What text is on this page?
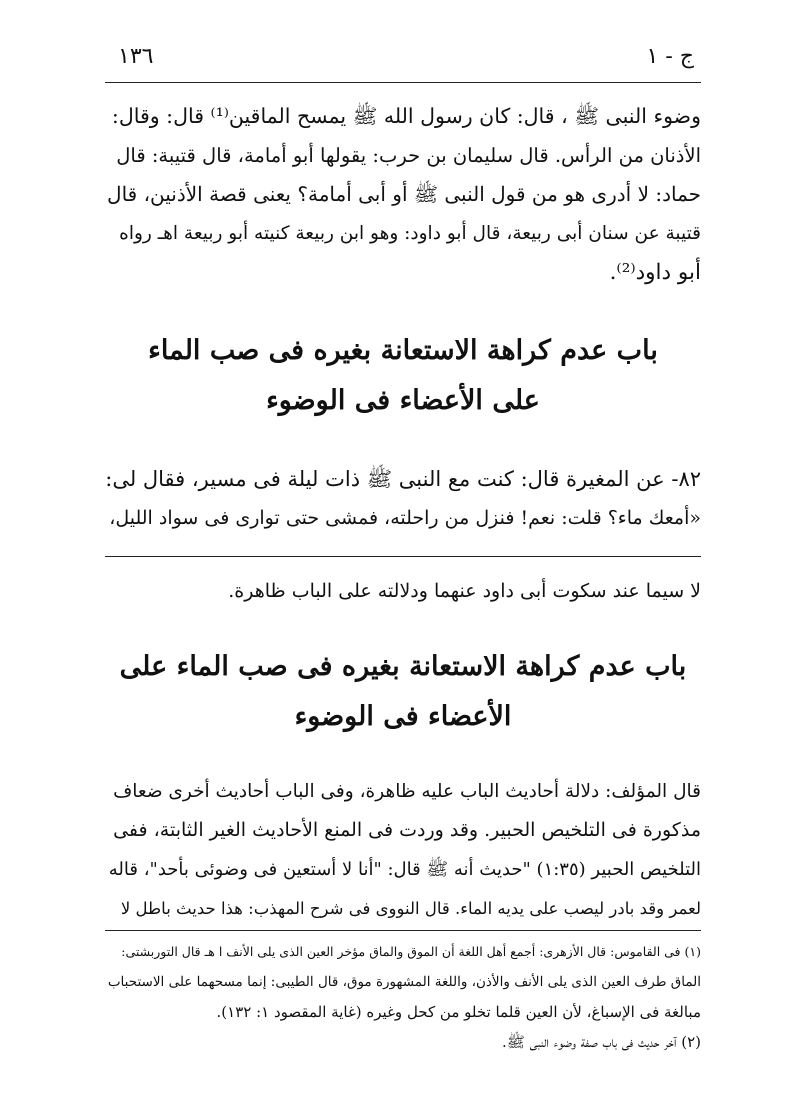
ج - ١
١٣٦

وضوء النبى ﷺ ، قال: كان رسول الله ﷺ يمسح الماقين⁽¹⁾ قال: وقال:
الأذنان من الرأس. قال سليمان بن حرب: يقولها أبو أمامة، قال قتيبة: قال
حماد: لا أدرى هو من قول النبى ﷺ أو أبى أمامة؟ يعنى قصة الأذنين، قال
قتيبة عن سنان أبى ربيعة، قال أبو داود: وهو ابن ربيعة كنيته أبو ربيعة اهـ رواه
أبو داود⁽²⁾.

باب عدم كراهة الاستعانة بغيره فى صب الماء
على الأعضاء فى الوضوء

٨٢- عن المغيرة قال: كنت مع النبى ﷺ ذات ليلة فى مسير، فقال لى:
«أمعك ماء؟ قلت: نعم! فنزل من راحلته، فمشى حتى توارى فى سواد الليل،

لا سيما عند سكوت أبى داود عنهما ودلالته على الباب ظاهرة.

باب عدم كراهة الاستعانة بغيره فى صب الماء على
الأعضاء فى الوضوء

قال المؤلف: دلالة أحاديث الباب عليه ظاهرة، وفى الباب أحاديث أخرى ضعاف
مذكورة فى التلخيص الحبير. وقد وردت فى المنع الأحاديث الغير الثابتة، ففى
التلخيص الحبير (١:٣٥) "حديث أنه ﷺ قال: "أنا لا أستعين فى وضوئى بأحد"، قاله
لعمر وقد بادر ليصب على يديه الماء. قال النووى فى شرح المهذب: هذا حديث باطل لا

(١) فى القاموس: قال الأزهرى: أجمع أهل اللغة أن الموق والماق مؤخر العين الذى يلى الأنف ا هـ قال التوربشتى:
الماق طرف العين الذى يلى الأنف والأذن، واللغة المشهورة موق، قال الطيبى: إنما مسحهما على الاستحباب
مبالغة فى الإسباغ، لأن العين قلما تخلو من كحل وغيره (غاية المقصود ١: ١٣٢).
(٢) آخر حديث فى باب صفة وضوء النبى ﷺ.
